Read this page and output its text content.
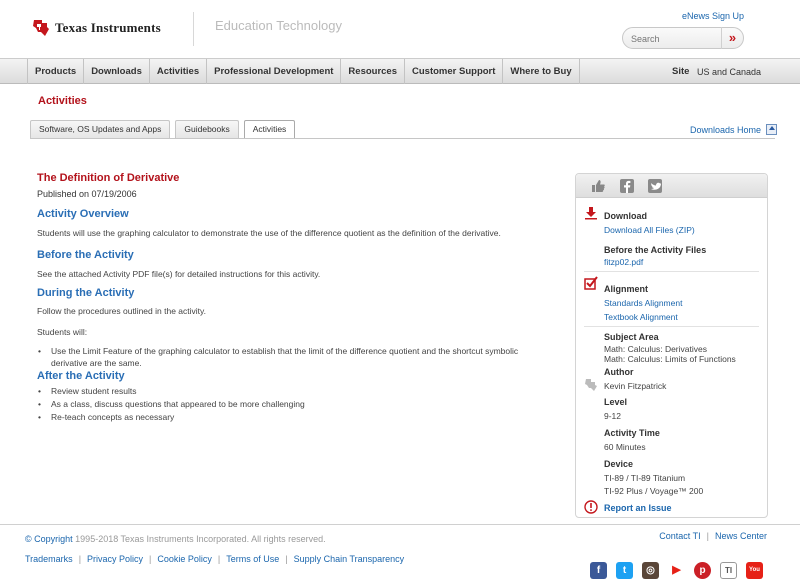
Texas Instruments	Education Technology
eNews Sign Up
Search
»
Products	Downloads	Activities	Professional Development	Resources	Customer Support	Where to Buy	Site US and Canada
Activities
Software, OS Updates and Apps	Guidebooks	Activities	Downloads Home
The Definition of Derivative
Published on 07/19/2006
Activity Overview
Students will use the graphing calculator to demonstrate the use of the difference quotient as the definition of the derivative.
Before the Activity
See the attached Activity PDF file(s) for detailed instructions for this activity.
During the Activity
Follow the procedures outlined in the activity.
Students will:
• Use the Limit Feature of the graphing calculator to establish that the limit of the difference quotient and the shortcut symbolic derivative are the same.
After the Activity
• Review student results
• As a class, discuss questions that appeared to be more challenging
• Re-teach concepts as necessary
Download
Download All Files (ZIP)
Before the Activity Files
fitzp02.pdf
Alignment
Standards Alignment
Textbook Alignment
Subject Area
Math: Calculus: Derivatives
Math: Calculus: Limits of Functions
Author
Kevin Fitzpatrick
Level
9-12
Activity Time
60 Minutes
Device
TI-89 / TI-89 Titanium
TI-92 Plus / Voyage™ 200
Report an Issue
© Copyright 1995-2018 Texas Instruments Incorporated. All rights reserved.	Contact TI | News Center
Trademarks | Privacy Policy | Cookie Policy | Terms of Use | Supply Chain Transparency
f	t	◎	▶	p	TI	You
